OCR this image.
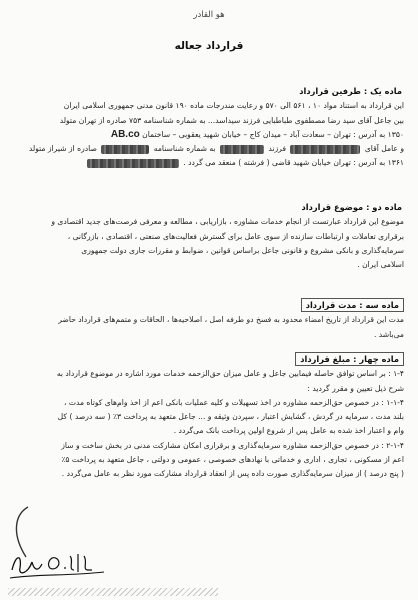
هو القادر
قرارداد جعاله
ماده یک : طرفین قرارداد
این قرارداد به استناد مواد ۱۰ ، ۵۶۱ الی ۵۷۰ و رعایت مندرجات ماده ۱۹۰ قانون مدنی جمهوری اسلامی ایران
بین جاعل آقای سید رضا مصطفوی طباطبایی فرزند سیداسد... به شماره شناسنامه ۷۵۳ صادره از تهران متولد
۱۳۵۰ به آدرس : تهران – سعادت آباد – میدان کاج – خیابان شهید یعقوبی – ساختمان AB.co
و عامل آقای  فرزند  به شماره شناسنامه  صادره از شیراز متولد
۱۳۶۱ به آدرس : تهران خیابان شهید قاضی ( فرشته ) منعقد می گردد .
ماده دو : موضوع قرارداد
موضوع این قرارداد عبارتست از انجام خدمات مشاوره ، بازاریابی ، مطالعه و معرفی فرصت‌های جدید اقتصادی و
برقراری تعاملات و ارتباطات سازنده از سوی عامل برای گسترش فعالیت‌های صنعتی ، اقتصادی ، بازرگانی ،
سرمایه‌گذاری و بانکی مشروع و قانونی جاعل براساس قوانین ، ضوابط و مقررات جاری دولت جمهوری
اسلامی ایران .
ماده سه : مدت قرارداد
مدت این قرارداد از تاریخ امضاء محدود به فسخ دو طرفه اصل ، اصلاحیه‌ها ، الحاقات و متمم‌های قرارداد حاضر
می‌باشد .
ماده چهار : مبلغ قرارداد
۱-۴ : بر اساس توافق حاصله فیمابین جاعل و عامل میزان حق‌الزحمه خدمات مورد اشاره در موضوع قرارداد به
شرح ذیل تعیین و مقرر گردید :
۱-۱-۴ : در خصوص حق‌الزحمه مشاوره در اخذ تسهیلات و کلیه عملیات بانکی اعم از اخذ وام‌های کوتاه مدت ،
بلند مدت ، سرمایه در گردش ، گشایش اعتبار ، سپردن وثیقه و ... جاعل متعهد به پرداخت ۳٪ ( سه درصد ) کل
وام و اعتبار اخذ شده به عامل پس از شروع اولین پرداخت بانک می‌گردد .
۲-۱-۴ : در خصوص حق‌الزحمه مشاوره سرمایه‌گذاری و برقراری امکان مشارکت مدنی در بخش ساخت و ساز
اعم از مسکونی ، تجاری ، اداری و خدماتی با نهادهای خصوصی ، عمومی و دولتی ، جاعل متعهد به پرداخت ۵٪
( پنج درصد ) از میزان سرمایه‌گذاری صورت داده پس از انعقاد قرارداد مشارکت مورد نظر به عامل می‌گردد .
